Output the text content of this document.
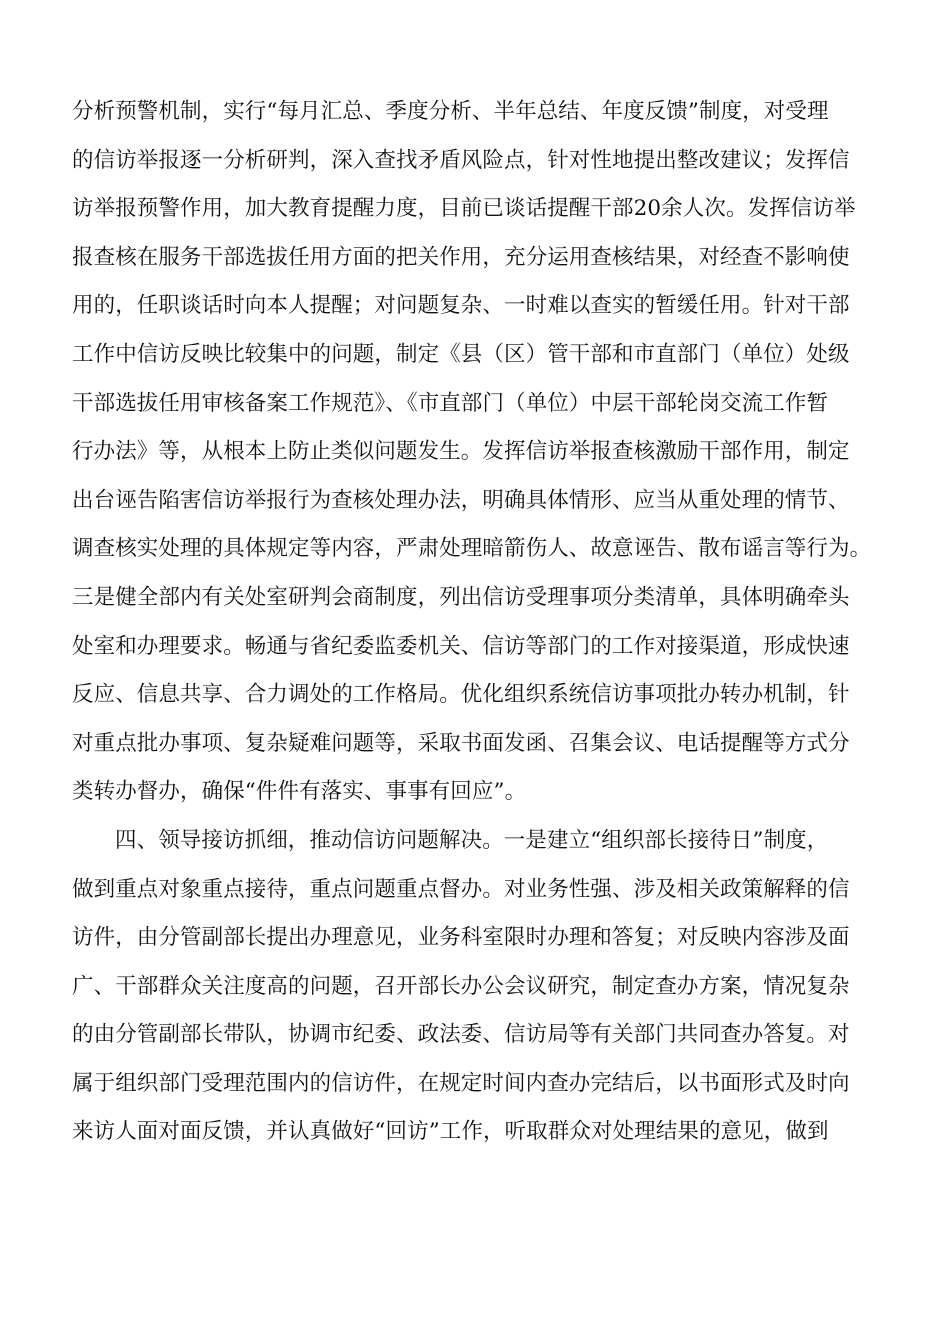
分析预警机制，实行“每月汇总、季度分析、半年总结、年度反馈”制度，对受理
的信访举报逐一分析研判，深入查找矛盾风险点，针对性地提出整改建议；发挥信
访举报预警作用，加大教育提醒力度，目前已谈话提醒干部20余人次。发挥信访举
报查核在服务干部选拔任用方面的把关作用，充分运用查核结果，对经查不影响使
用的，任职谈话时向本人提醒；对问题复杂、一时难以查实的暂缓任用。针对干部
工作中信访反映比较集中的问题，制定《县（区）管干部和市直部门（单位）处级
干部选拔任用审核备案工作规范》、《市直部门（单位）中层干部轮岗交流工作暂
行办法》等，从根本上防止类似问题发生。发挥信访举报查核激励干部作用，制定
出台诬告陷害信访举报行为查核处理办法，明确具体情形、应当从重处理的情节、
调查核实处理的具体规定等内容，严肃处理暗箭伤人、故意诬告、散布谣言等行为。
三是健全部内有关处室研判会商制度，列出信访受理事项分类清单，具体明确牵头
处室和办理要求。畅通与省纪委监委机关、信访等部门的工作对接渠道，形成快速
反应、信息共享、合力调处的工作格局。优化组织系统信访事项批办转办机制，针
对重点批办事项、复杂疑难问题等，采取书面发函、召集会议、电话提醒等方式分
类转办督办，确保“件件有落实、事事有回应”。
四、领导接访抓细，推动信访问题解决。一是建立“组织部长接待日”制度，
做到重点对象重点接待，重点问题重点督办。对业务性强、涉及相关政策解释的信
访件，由分管副部长提出办理意见，业务科室限时办理和答复；对反映内容涉及面
广、干部群众关注度高的问题，召开部长办公会议研究，制定查办方案，情况复杂
的由分管副部长带队，协调市纪委、政法委、信访局等有关部门共同查办答复。对
属于组织部门受理范围内的信访件，在规定时间内查办完结后，以书面形式及时向
来访人面对面反馈，并认真做好“回访”工作，听取群众对处理结果的意见，做到
